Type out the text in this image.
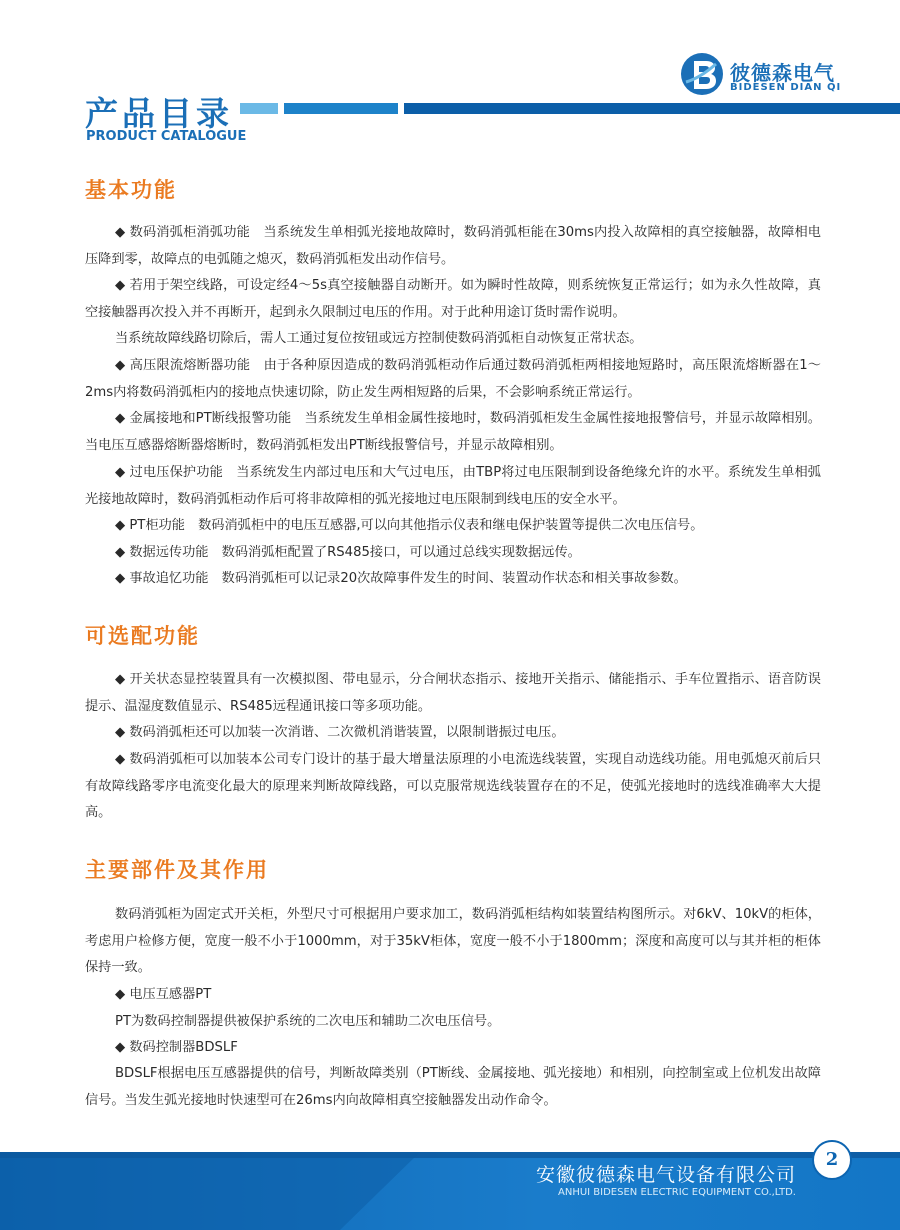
彼德森电气
BIDESEN DIAN QI
产品目录
PRODUCT CATALOGUE
基本功能
◆ 数码消弧柜消弧功能　当系统发生单相弧光接地故障时，数码消弧柜能在30ms内投入故障相的真空接触器，故障相电压降到零，故障点的电弧随之熄灭，数码消弧柜发出动作信号。
◆ 若用于架空线路，可设定经4～5s真空接触器自动断开。如为瞬时性故障，则系统恢复正常运行；如为永久性故障，真空接触器再次投入并不再断开，起到永久限制过电压的作用。对于此种用途订货时需作说明。
当系统故障线路切除后，需人工通过复位按钮或远方控制使数码消弧柜自动恢复正常状态。
◆ 高压限流熔断器功能　由于各种原因造成的数码消弧柜动作后通过数码消弧柜两相接地短路时，高压限流熔断器在1～2ms内将数码消弧柜内的接地点快速切除，防止发生两相短路的后果，不会影响系统正常运行。
◆ 金属接地和PT断线报警功能　当系统发生单相金属性接地时，数码消弧柜发生金属性接地报警信号，并显示故障相别。当电压互感器熔断器熔断时，数码消弧柜发出PT断线报警信号，并显示故障相别。
◆ 过电压保护功能　当系统发生内部过电压和大气过电压，由TBP将过电压限制到设备绝缘允许的水平。系统发生单相弧光接地故障时，数码消弧柜动作后可将非故障相的弧光接地过电压限制到线电压的安全水平。
◆ PT柜功能　数码消弧柜中的电压互感器,可以向其他指示仪表和继电保护装置等提供二次电压信号。
◆ 数据远传功能　数码消弧柜配置了RS485接口，可以通过总线实现数据远传。
◆ 事故追忆功能　数码消弧柜可以记录20次故障事件发生的时间、装置动作状态和相关事故参数。
可选配功能
◆ 开关状态显控装置具有一次模拟图、带电显示，分合闸状态指示、接地开关指示、储能指示、手车位置指示、语音防误提示、温湿度数值显示、RS485远程通讯接口等多项功能。
◆ 数码消弧柜还可以加装一次消谐、二次微机消谐装置，以限制谐振过电压。
◆ 数码消弧柜可以加装本公司专门设计的基于最大增量法原理的小电流选线装置，实现自动选线功能。用电弧熄灭前后只有故障线路零序电流变化最大的原理来判断故障线路，可以克服常规选线装置存在的不足，使弧光接地时的选线准确率大大提高。
主要部件及其作用
数码消弧柜为固定式开关柜，外型尺寸可根据用户要求加工，数码消弧柜结构如装置结构图所示。对6kV、10kV的柜体，考虑用户检修方便，宽度一般不小于1000mm，对于35kV柜体，宽度一般不小于1800mm；深度和高度可以与其并柜的柜体保持一致。
◆ 电压互感器PT
PT为数码控制器提供被保护系统的二次电压和辅助二次电压信号。
◆ 数码控制器BDSLF
BDSLF根据电压互感器提供的信号，判断故障类别（PT断线、金属接地、弧光接地）和相别，向控制室或上位机发出故障信号。当发生弧光接地时快速型可在26ms内向故障相真空接触器发出动作命令。
安徽彼德森电气设备有限公司
ANHUI BIDESEN ELECTRIC EQUIPMENT CO.,LTD.
2
